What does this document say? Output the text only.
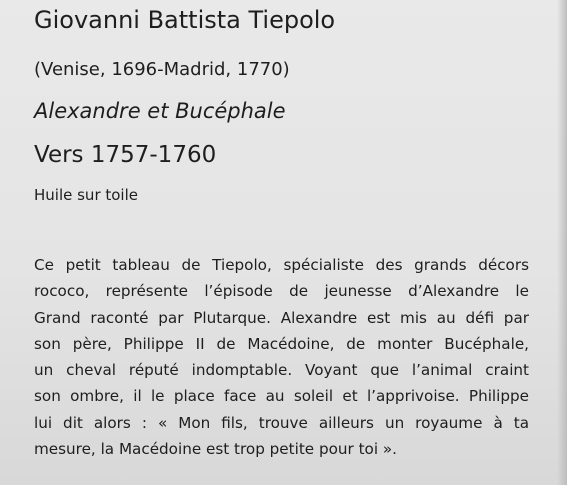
Giovanni Battista Tiepolo
(Venise, 1696-Madrid, 1770)
Alexandre et Bucéphale
Vers 1757-1760
Huile sur toile
Ce petit tableau de Tiepolo, spécialiste des grands décors
rococo, représente l’épisode de jeunesse d’Alexandre le
Grand raconté par Plutarque. Alexandre est mis au défi par
son père, Philippe II de Macédoine, de monter Bucéphale,
un cheval réputé indomptable. Voyant que l’animal craint
son ombre, il le place face au soleil et l’apprivoise. Philippe
lui dit alors : « Mon fils, trouve ailleurs un royaume à ta
mesure, la Macédoine est trop petite pour toi ».
